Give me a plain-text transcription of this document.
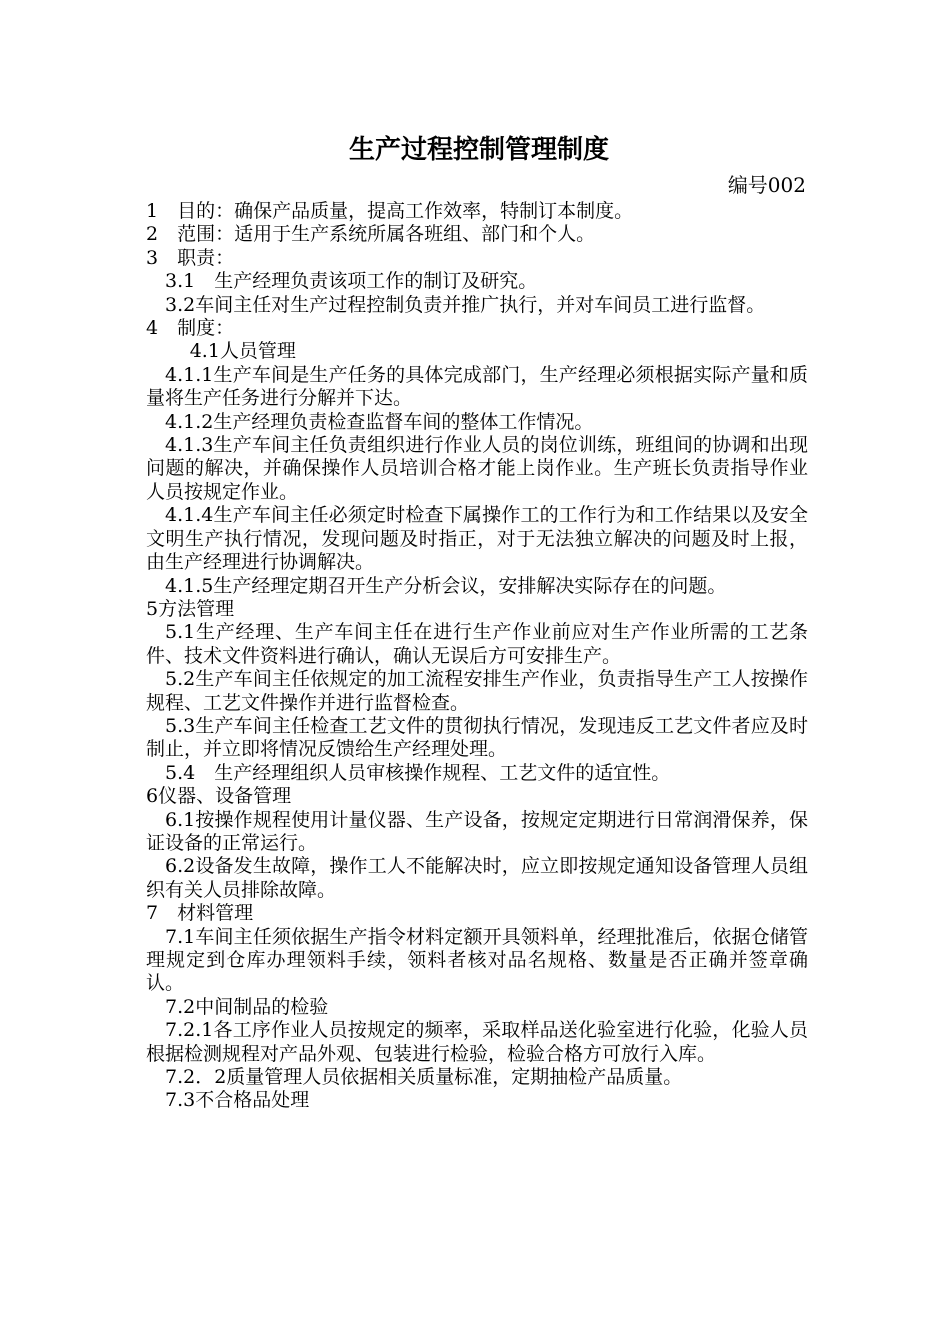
生产过程控制管理制度

编号002

1　目的：确保产品质量，提高工作效率，特制订本制度。

2　范围：适用于生产系统所属各班组、部门和个人。

3　职责：

3.1　生产经理负责该项工作的制订及研究。

3.2车间主任对生产过程控制负责并推广执行，并对车间员工进行监督。

4　制度：

4.1人员管理

4.1.1生产车间是生产任务的具体完成部门，生产经理必须根据实际产量和质量将生产任务进行分解并下达。

4.1.2生产经理负责检查监督车间的整体工作情况。

4.1.3生产车间主任负责组织进行作业人员的岗位训练，班组间的协调和出现问题的解决，并确保操作人员培训合格才能上岗作业。生产班长负责指导作业人员按规定作业。

4.1.4生产车间主任必须定时检查下属操作工的工作行为和工作结果以及安全文明生产执行情况，发现问题及时指正，对于无法独立解决的问题及时上报，由生产经理进行协调解决。

4.1.5生产经理定期召开生产分析会议，安排解决实际存在的问题。

5方法管理

5.1生产经理、生产车间主任在进行生产作业前应对生产作业所需的工艺条件、技术文件资料进行确认，确认无误后方可安排生产。

5.2生产车间主任依规定的加工流程安排生产作业，负责指导生产工人按操作规程、工艺文件操作并进行监督检查。

5.3生产车间主任检查工艺文件的贯彻执行情况，发现违反工艺文件者应及时制止，并立即将情况反馈给生产经理处理。

5.4　生产经理组织人员审核操作规程、工艺文件的适宜性。

6仪器、设备管理

6.1按操作规程使用计量仪器、生产设备，按规定定期进行日常润滑保养，保证设备的正常运行。

6.2设备发生故障，操作工人不能解决时，应立即按规定通知设备管理人员组织有关人员排除故障。

7　材料管理

7.1车间主任须依据生产指令材料定额开具领料单，经理批准后，依据仓储管理规定到仓库办理领料手续，领料者核对品名规格、数量是否正确并签章确认。

7.2中间制品的检验

7.2.1各工序作业人员按规定的频率，采取样品送化验室进行化验，化验人员根据检测规程对产品外观、包装进行检验，检验合格方可放行入库。

7.2．2质量管理人员依据相关质量标准，定期抽检产品质量。

7.3不合格品处理
